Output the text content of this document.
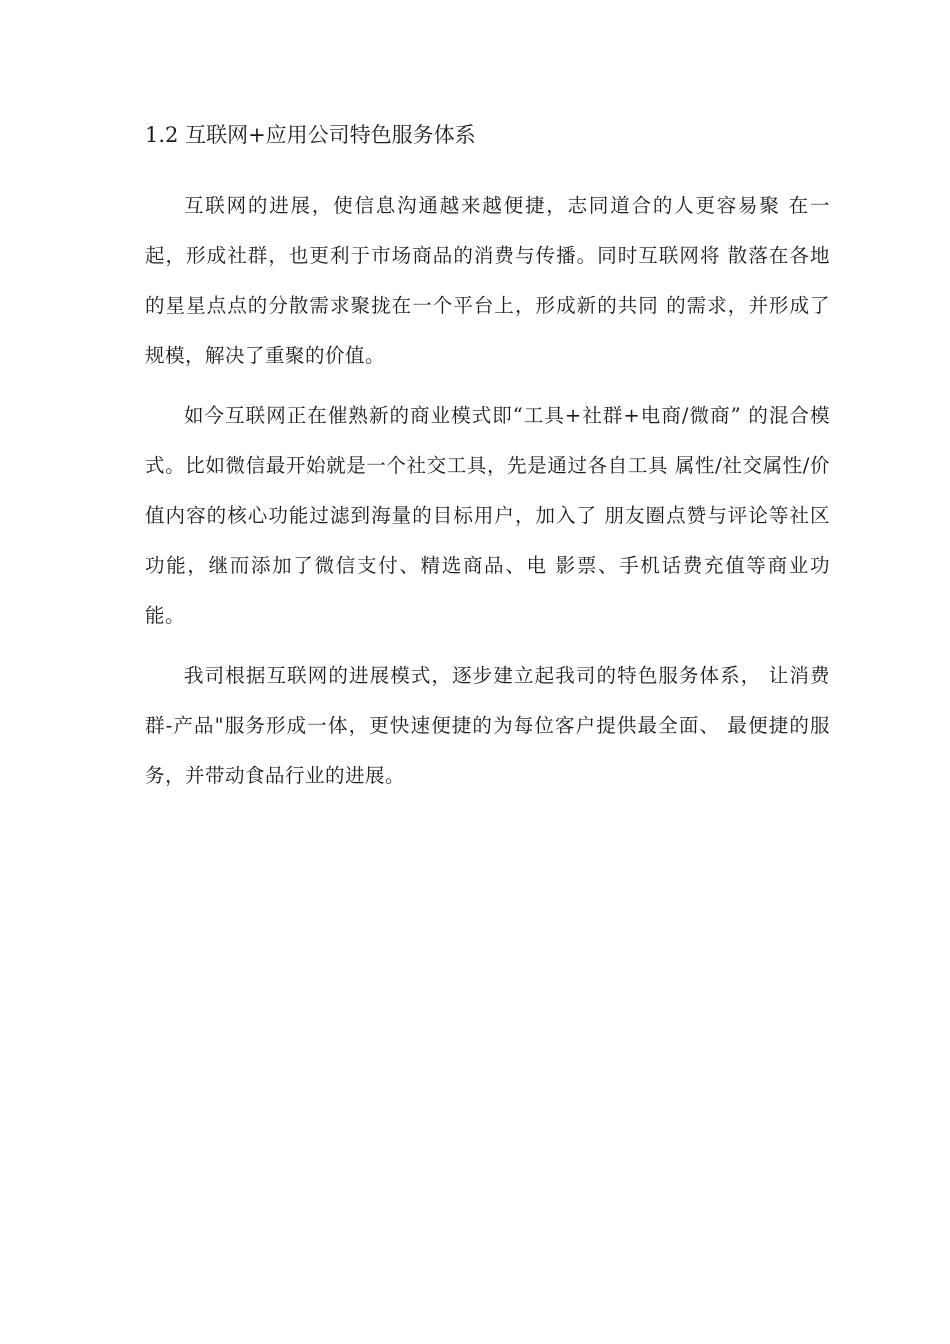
1.2 互联网+应用公司特色服务体系

互联网的进展，使信息沟通越来越便捷，志同道合的人更容易聚 在一起，形成社群，也更利于市场商品的消费与传播。同时互联网将 散落在各地的星星点点的分散需求聚拢在一个平台上，形成新的共同 的需求，并形成了规模，解决了重聚的价值。

如今互联网正在催熟新的商业模式即“工具+社群+电商/微商” 的混合模式。比如微信最开始就是一个社交工具，先是通过各自工具 属性/社交属性/价值内容的核心功能过滤到海量的目标用户，加入了 朋友圈点赞与评论等社区功能，继而添加了微信支付、精选商品、电 影票、手机话费充值等商业功能。

我司根据互联网的进展模式，逐步建立起我司的特色服务体系， 让消费群-产品"服务形成一体，更快速便捷的为每位客户提供最全面、 最便捷的服务，并带动食品行业的进展。
